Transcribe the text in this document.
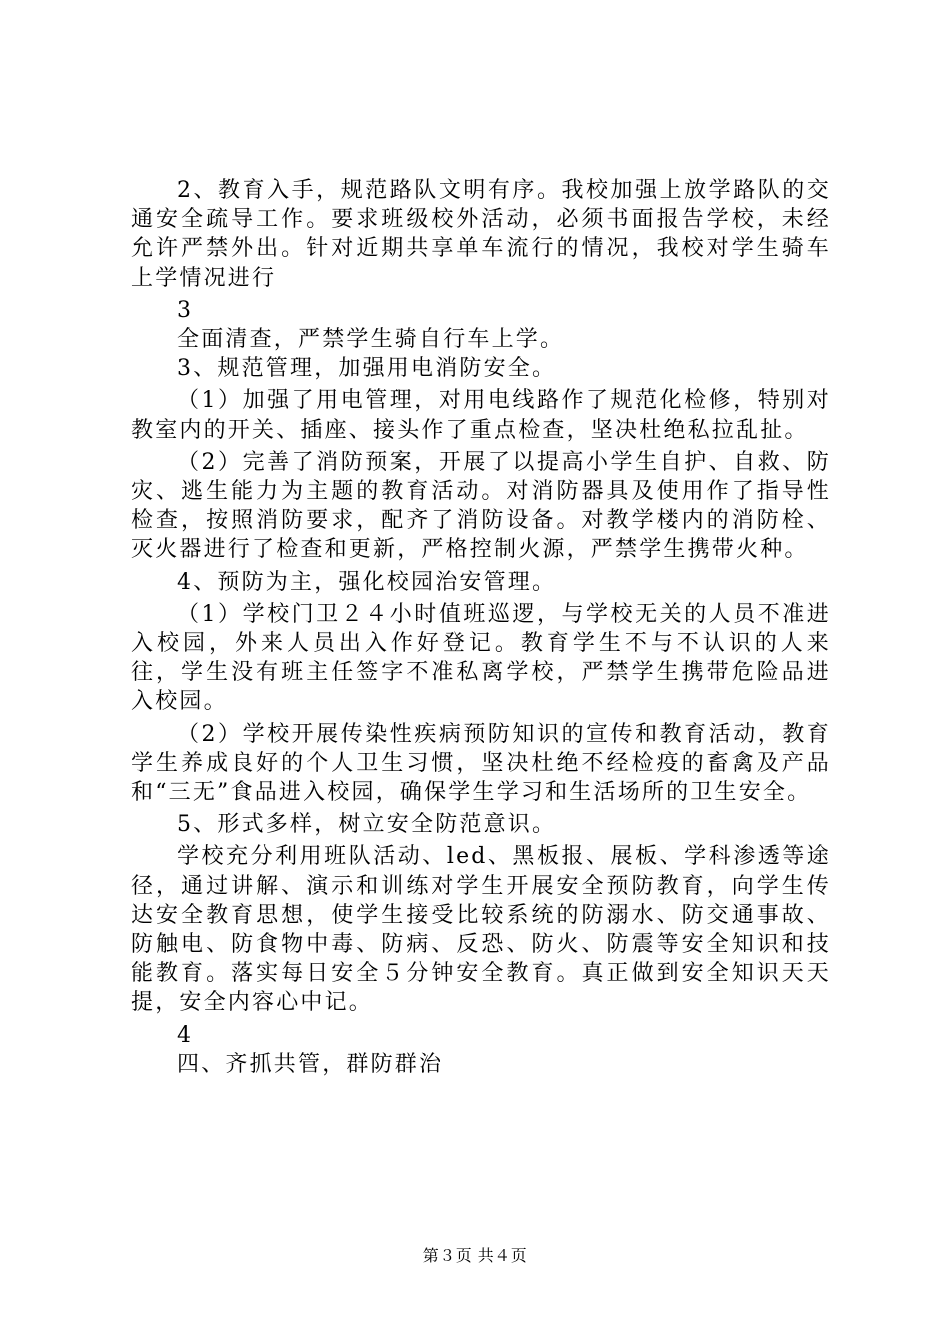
2、教育入手，规范路队文明有序。我校加强上放学路队的交通安全疏导工作。要求班级校外活动，必须书面报告学校，未经允许严禁外出。针对近期共享单车流行的情况，我校对学生骑车上学情况进行

3

全面清查，严禁学生骑自行车上学。

3、规范管理，加强用电消防安全。

（1）加强了用电管理，对用电线路作了规范化检修，特别对教室内的开关、插座、接头作了重点检查，坚决杜绝私拉乱扯。

（2）完善了消防预案，开展了以提高小学生自护、自救、防灾、逃生能力为主题的教育活动。对消防器具及使用作了指导性检查，按照消防要求，配齐了消防设备。对教学楼内的消防栓、灭火器进行了检查和更新，严格控制火源，严禁学生携带火种。

4、预防为主，强化校园治安管理。

（1）学校门卫２４小时值班巡逻，与学校无关的人员不准进入校园，外来人员出入作好登记。教育学生不与不认识的人来往，学生没有班主任签字不准私离学校，严禁学生携带危险品进入校园。

（2）学校开展传染性疾病预防知识的宣传和教育活动，教育学生养成良好的个人卫生习惯，坚决杜绝不经检疫的畜禽及产品和“三无”食品进入校园，确保学生学习和生活场所的卫生安全。

5、形式多样，树立安全防范意识。

学校充分利用班队活动、led、黑板报、展板、学科渗透等途径，通过讲解、演示和训练对学生开展安全预防教育，向学生传达安全教育思想，使学生接受比较系统的防溺水、防交通事故、防触电、防食物中毒、防病、反恐、防火、防震等安全知识和技能教育。落实每日安全５分钟安全教育。真正做到安全知识天天提，安全内容心中记。

4

四、齐抓共管，群防群治

第３页 共４页
